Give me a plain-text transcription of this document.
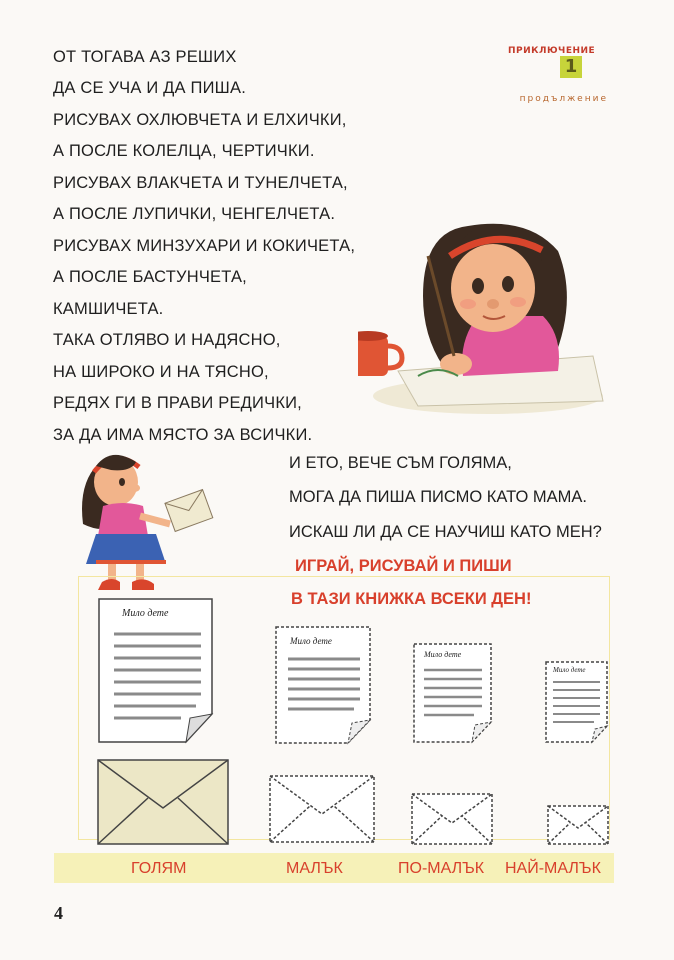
ПРИКЛЮЧЕНИЕ
1
продължение
ОТ ТОГАВА АЗ РЕШИХ
ДА СЕ УЧА И ДА ПИША.
РИСУВАХ ОХЛЮВЧЕТА И ЕЛХИЧКИ,
А ПОСЛЕ КОЛЕЛЦА, ЧЕРТИЧКИ.
РИСУВАХ ВЛАКЧЕТА И ТУНЕЛЧЕТА,
А ПОСЛЕ ЛУПИЧКИ, ЧЕНГЕЛЧЕТА.
РИСУВАХ МИНЗУХАРИ И КОКИЧЕТА,
А ПОСЛЕ БАСТУНЧЕТА,
КАМШИЧЕТА.
ТАКА ОТЛЯВО И НАДЯСНО,
НА ШИРОКО И НА ТЯСНО,
РЕДЯХ ГИ В ПРАВИ РЕДИЧКИ,
ЗА ДА ИМА МЯСТО ЗА ВСИЧКИ.
И ЕТО, ВЕЧЕ СЪМ ГОЛЯМА,
МОГА ДА ПИША ПИСМО КАТО МАМА.
ИСКАШ ЛИ ДА СЕ НАУЧИШ КАТО МЕН?
ИГРАЙ, РИСУВАЙ И ПИШИ
В ТАЗИ КНИЖКА ВСЕКИ ДЕН!
Мило дете
Мило дете
Мило дете
Мило дете
ГОЛЯМ	МАЛЪК	ПО-МАЛЪК НАЙ-МАЛЪК
4
